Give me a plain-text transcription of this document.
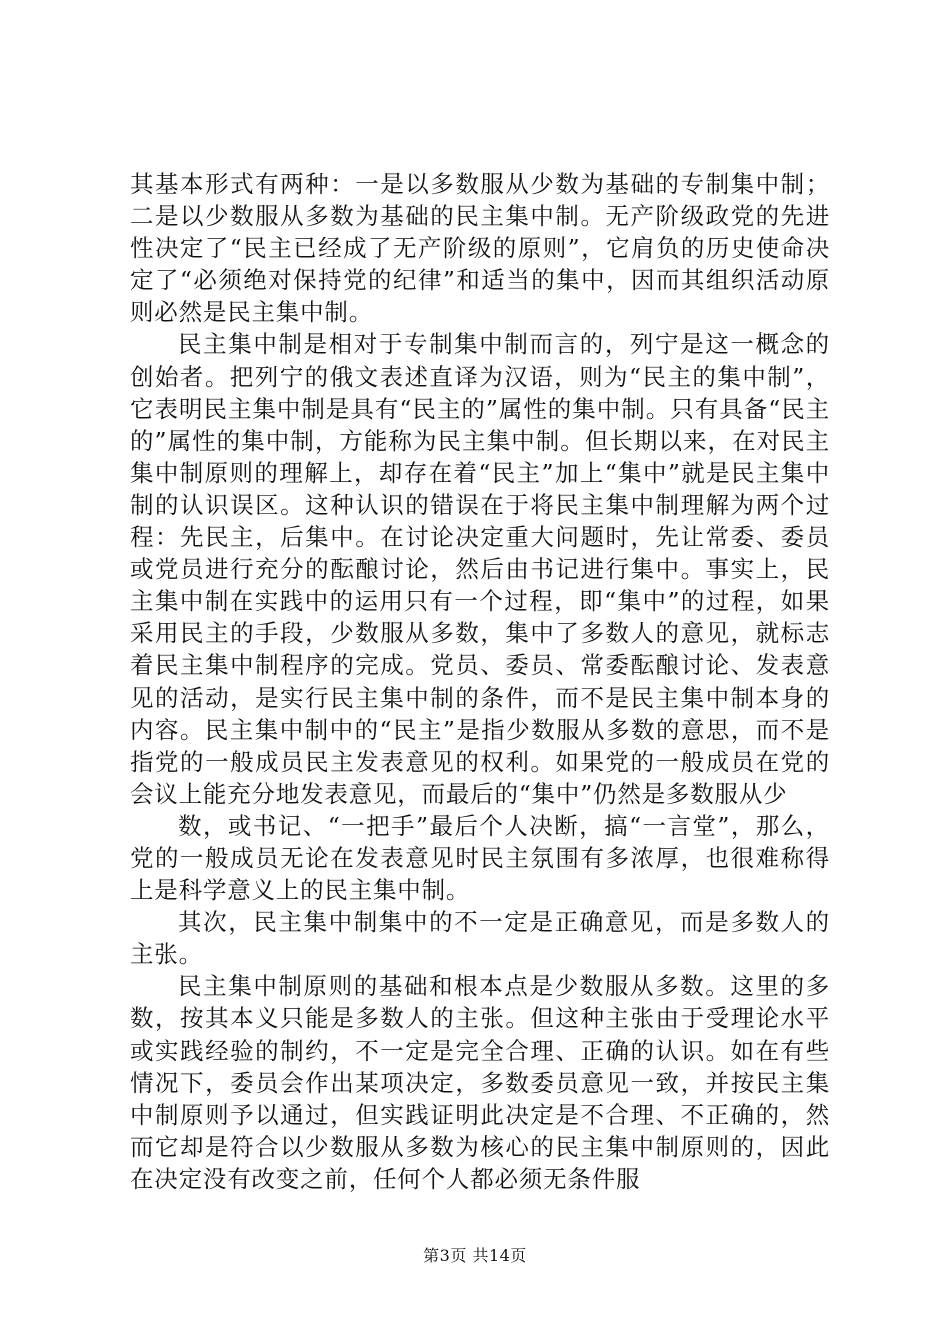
其基本形式有两种：一是以多数服从少数为基础的专制集中制；二是以少数服从多数为基础的民主集中制。无产阶级政党的先进性决定了“民主已经成了无产阶级的原则”，它肩负的历史使命决定了“必须绝对保持党的纪律”和适当的集中，因而其组织活动原则必然是民主集中制。

民主集中制是相对于专制集中制而言的，列宁是这一概念的创始者。把列宁的俄文表述直译为汉语，则为“民主的集中制”，它表明民主集中制是具有“民主的”属性的集中制。只有具备“民主的”属性的集中制，方能称为民主集中制。但长期以来，在对民主集中制原则的理解上，却存在着“民主”加上“集中”就是民主集中制的认识误区。这种认识的错误在于将民主集中制理解为两个过程：先民主，后集中。在讨论决定重大问题时，先让常委、委员或党员进行充分的酝酿讨论，然后由书记进行集中。事实上，民主集中制在实践中的运用只有一个过程，即“集中”的过程，如果采用民主的手段，少数服从多数，集中了多数人的意见，就标志着民主集中制程序的完成。党员、委员、常委酝酿讨论、发表意见的活动，是实行民主集中制的条件，而不是民主集中制本身的内容。民主集中制中的“民主”是指少数服从多数的意思，而不是指党的一般成员民主发表意见的权利。如果党的一般成员在党的会议上能充分地发表意见，而最后的“集中”仍然是多数服从少

数，或书记、“一把手”最后个人决断，搞“一言堂”，那么，党的一般成员无论在发表意见时民主氛围有多浓厚，也很难称得上是科学意义上的民主集中制。

其次，民主集中制集中的不一定是正确意见，而是多数人的主张。

民主集中制原则的基础和根本点是少数服从多数。这里的多数，按其本义只能是多数人的主张。但这种主张由于受理论水平或实践经验的制约，不一定是完全合理、正确的认识。如在有些情况下，委员会作出某项决定，多数委员意见一致，并按民主集中制原则予以通过，但实践证明此决定是不合理、不正确的，然而它却是符合以少数服从多数为核心的民主集中制原则的，因此在决定没有改变之前，任何个人都必须无条件服

第3页 共14页
